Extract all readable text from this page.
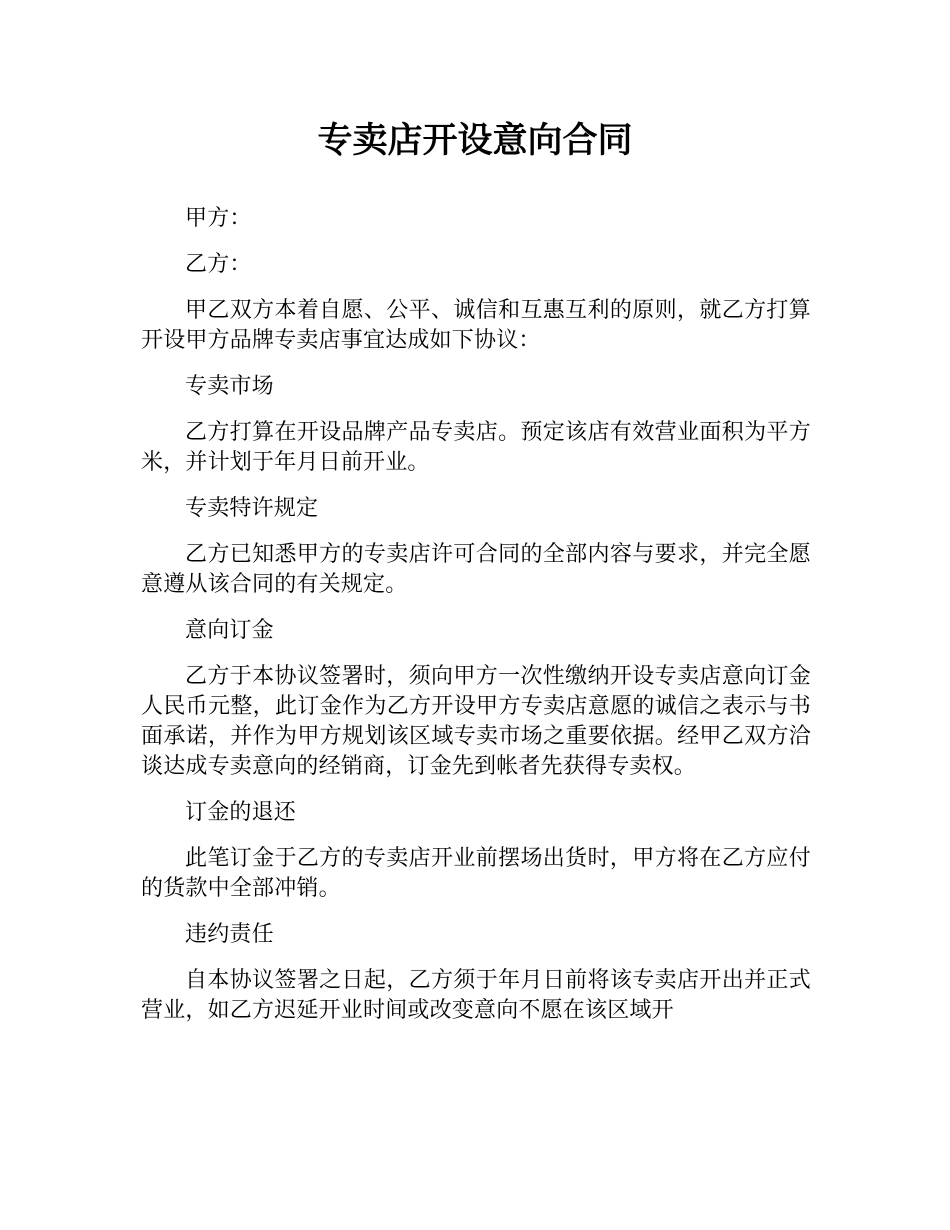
专卖店开设意向合同

甲方：

乙方：

甲乙双方本着自愿、公平、诚信和互惠互利的原则，就乙方打算开设甲方品牌专卖店事宜达成如下协议：

专卖市场

乙方打算在开设品牌产品专卖店。预定该店有效营业面积为平方米，并计划于年月日前开业。

专卖特许规定

乙方已知悉甲方的专卖店许可合同的全部内容与要求，并完全愿意遵从该合同的有关规定。

意向订金

乙方于本协议签署时，须向甲方一次性缴纳开设专卖店意向订金人民币元整，此订金作为乙方开设甲方专卖店意愿的诚信之表示与书面承诺，并作为甲方规划该区域专卖市场之重要依据。经甲乙双方洽谈达成专卖意向的经销商，订金先到帐者先获得专卖权。

订金的退还

此笔订金于乙方的专卖店开业前摆场出货时，甲方将在乙方应付的货款中全部冲销。

违约责任

自本协议签署之日起，乙方须于年月日前将该专卖店开出并正式营业，如乙方迟延开业时间或改变意向不愿在该区域开
